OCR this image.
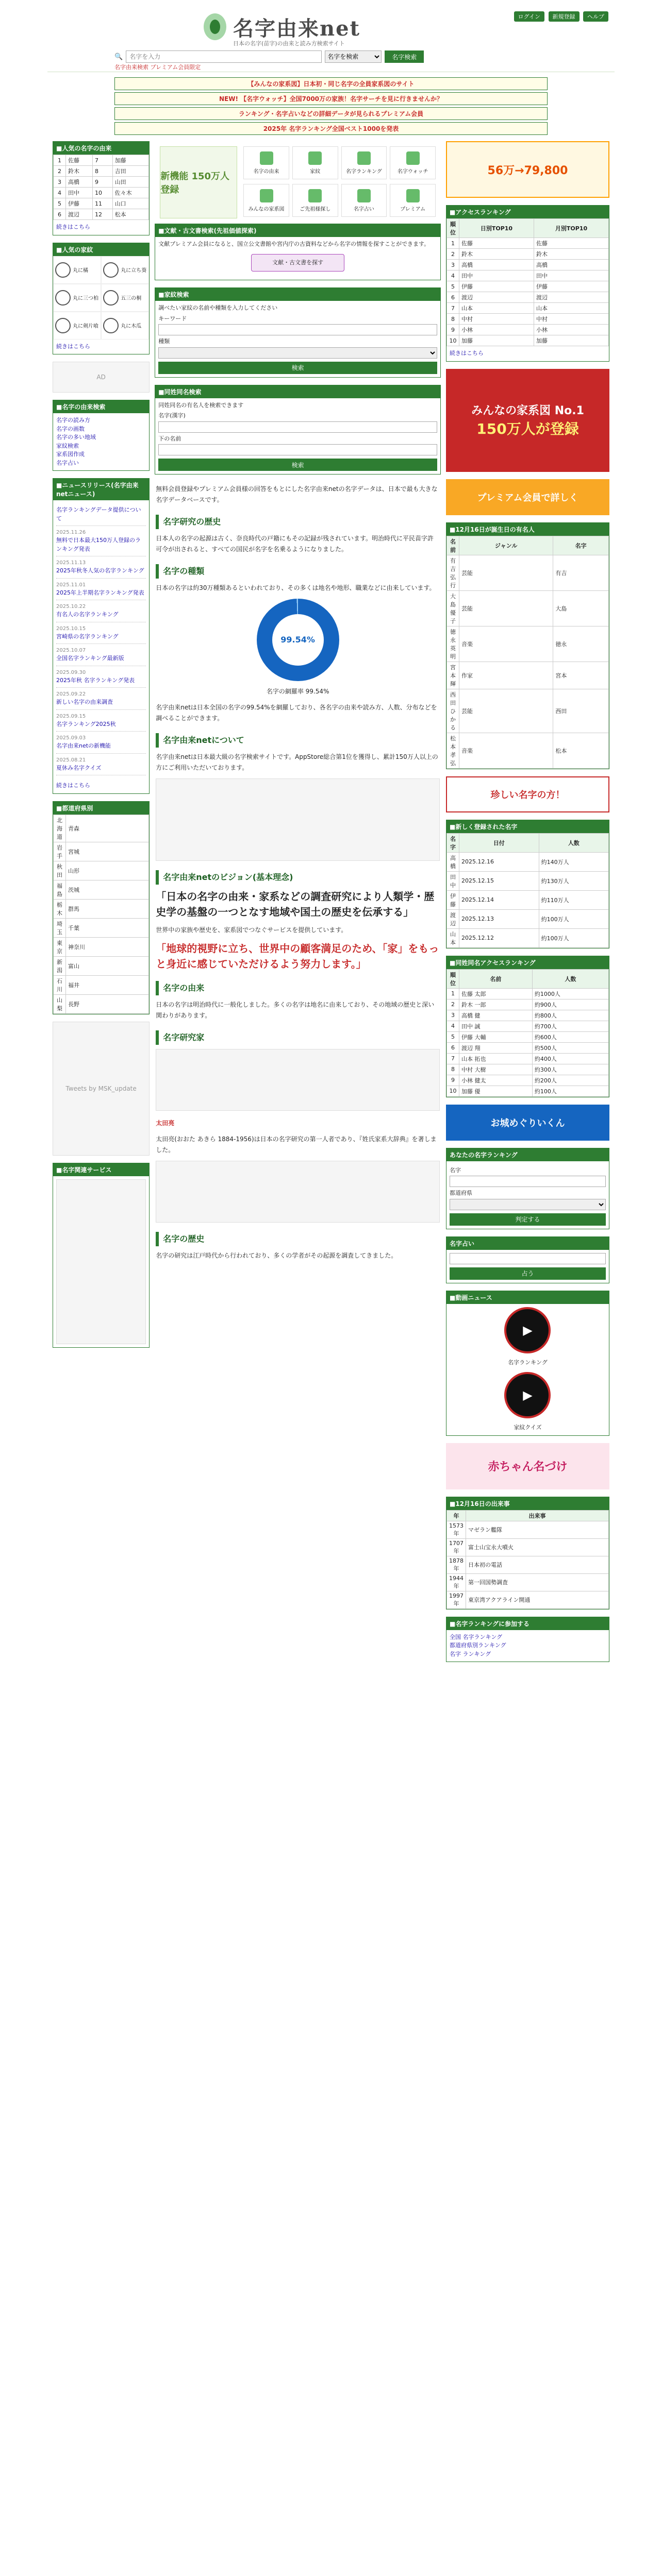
名字由来net
日本の名字(苗字)の由来と読み方検索サイト
ログイン 新規登録 ヘルプ
🔍
名字を入力
名字を検索	名字検索
名字由来検索 プレミアム会員限定
【みんなの家系図】日本初・同じ名字の全員家系図のサイト
NEW! 【名字ウォッチ】全国7000万の家族！名字サーチを見に行きませんか？
ランキング・名字占いなどの詳細データが見られるプレミアム会員
2025年 名字ランキング全国ベスト1000を発表
■人気の名字の由来
1	佐藤	7	加藤
2	鈴木	8	吉田
3	高橋	9	山田
4	田中	10	佐々木
5	伊藤	11	山口
6	渡辺	12	松本
続きはこちら
■人気の家紋
丸に橘	丸に立ち葵
丸に三つ柏	五三の桐
丸に剣片喰	丸に木瓜
続きはこちら
AD
■名字の由来検索
名字の読み方
名字の画数
名字の多い地域
家紋検索
家系図作成
名字占い
■ニュースリリース(名字由来netニュース)
名字ランキングデータ提供について
2025.11.26
無料で日本最大150万人登録のランキング発表
2025.11.13
2025年秋冬人気の名字ランキング
2025.11.01
2025年上半期名字ランキング発表
2025.10.22
有名人の名字ランキング
2025.10.15
宮崎県の名字ランキング
2025.10.07
全国名字ランキング最新版
2025.09.30
2025年秋 名字ランキング発表
2025.09.22
新しい名字の由来調査
2025.09.15
名字ランキング2025秋
2025.09.03
名字由来netの新機能
2025.08.21
夏休み名字クイズ
続きはこちら
■都道府県別
北海道	青森
岩手	宮城
秋田	山形
福島	茨城
栃木	群馬
埼玉	千葉
東京	神奈川
新潟	富山
石川	福井
山梨	長野
Tweets by MSK_update
■名字関連サービス
新機能 150万人登録
名字の由来	家紋	名字ランキング	名字ウォッチ
みんなの家系図	ご先祖様探し	名字占い	プレミアム
■文献・古文書検索(先祖価値探索)

文献プレミアム会員になると、国立公文書館や宮内庁の古資料などから名字の情報を探すことができます。

文献・古文書を探す
■家紋検索

調べたい家紋の名前や種類を入力してください

キーワード
種類
検索
■同姓同名検索

同姓同名の有名人を検索できます

名字(漢字)
下の名前
検索

無料会員登録やプレミアム会員様の回答をもとにした名字由来netの名字データは、日本で最も大きな名字データベースです。

名字研究の歴史

日本人の名字の起源は古く、奈良時代の戸籍にもその記録が残されています。明治時代に平民苗字許可令が出されると、すべての国民が名字を名乗るようになりました。

名字の種類

日本の名字は約30万種類あるといわれており、その多くは地名や地形、職業などに由来しています。

99.54%

名字の網羅率 99.54%

名字由来netは日本全国の名字の99.54%を網羅しており、各名字の由来や読み方、人数、分布などを調べることができます。

名字由来netについて

名字由来netは日本最大級の名字検索サイトです。AppStore総合第1位を獲得し、累計150万人以上の方にご利用いただいております。

名字由来netのビジョン(基本理念)

「日本の名字の由来・家系などの調査研究により人類学・歴史学の基盤の一つとなす地域や国土の歴史を伝承する」

世界中の家族や歴史を、家系図でつなぐサービスを提供しています。

「地球的視野に立ち、世界中の顧客満足のため、「家」をもっと身近に感じていただけるよう努力します。」

名字の由来

日本の名字は明治時代に一般化しました。多くの名字は地名に由来しており、その地域の歴史と深い関わりがあります。

名字研究家

太田亮

太田亮(おおた あきら 1884-1956)は日本の名字研究の第一人者であり、『姓氏家系大辞典』を著しました。

名字の歴史

名字の研究は江戸時代から行われており、多くの学者がその起源を調査してきました。

56万→79,800
■アクセスランキング
順位	日別TOP10	月別TOP10
1	佐藤	佐藤
2	鈴木	鈴木
3	高橋	高橋
4	田中	田中
5	伊藤	伊藤
6	渡辺	渡辺
7	山本	山本
8	中村	中村
9	小林	小林
10	加藤	加藤
続きはこちら
みんなの家系図 No.1
150万人が登録
プレミアム会員で詳しく
■12月16日が誕生日の有名人
名前	ジャンル	名字
有吉 弘行	芸能	有吉
大島 優子	芸能	大島
徳永 英明	音楽	徳永
宮本 輝	作家	宮本
西田 ひかる	芸能	西田
松本 孝弘	音楽	松本
珍しい名字の方！
■新しく登録された名字
名字	日付	人数
高橋	2025.12.16	約140万人
田中	2025.12.15	約130万人
伊藤	2025.12.14	約110万人
渡辺	2025.12.13	約100万人
山本	2025.12.12	約100万人
■同姓同名アクセスランキング
順位	名前	人数
1	佐藤 太郎	約1000人
2	鈴木 一郎	約900人
3	高橋 健	約800人
4	田中 誠	約700人
5	伊藤 大輔	約600人
6	渡辺 翔	約500人
7	山本 拓也	約400人
8	中村 大樹	約300人
9	小林 健太	約200人
10	加藤 優	約100人
お城めぐりいくん
あなたの名字ランキング
名字
都道府県
判定する
名字占い
占う
■動画ニュース
▶
名字ランキング
▶
家紋クイズ
赤ちゃん名づけ
■12月16日の出来事
年	出来事
1573年	マゼラン艦隊
1707年	富士山宝永大噴火
1878年	日本初の電話
1944年	第一回国勢調査
1997年	東京湾アクアライン開通
■名字ランキングに参加する
全国 名字ランキング
都道府県別ランキング
名字 ランキング
